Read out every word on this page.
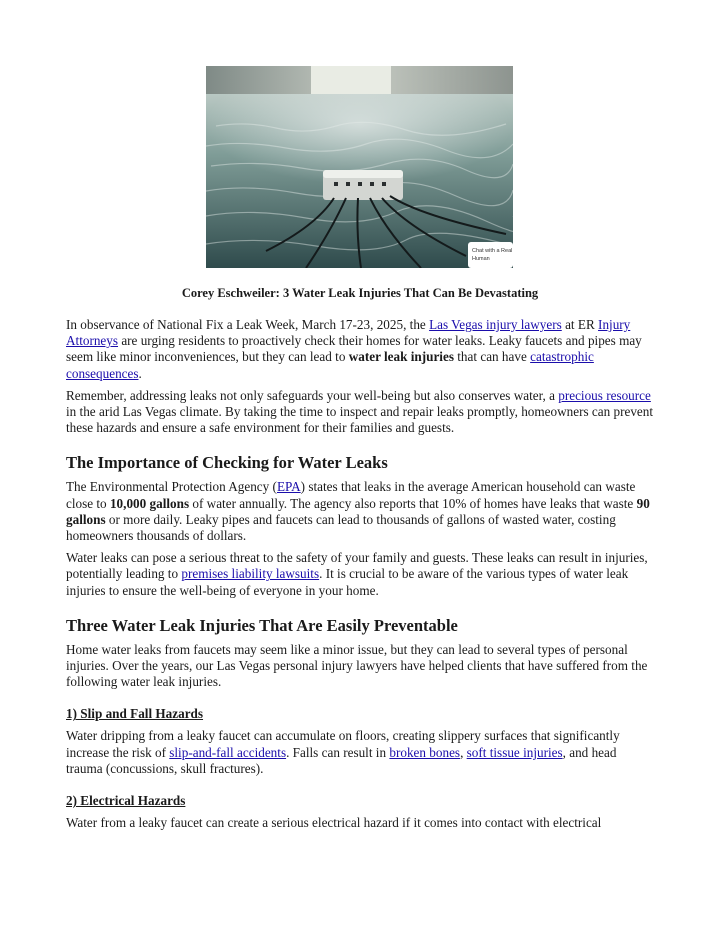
Chat with a Real
Human
Corey Eschweiler: 3 Water Leak Injuries That Can Be Devastating

In observance of National Fix a Leak Week, March 17-23, 2025, the Las Vegas injury lawyers at ER Injury Attorneys are urging residents to proactively check their homes for water leaks. Leaky faucets and pipes may seem like minor inconveniences, but they can lead to water leak injuries that can have catastrophic consequences.

Remember, addressing leaks not only safeguards your well-being but also conserves water, a precious resource in the arid Las Vegas climate. By taking the time to inspect and repair leaks promptly, homeowners can prevent these hazards and ensure a safe environment for their families and guests.

The Importance of Checking for Water Leaks

The Environmental Protection Agency (EPA) states that leaks in the average American household can waste close to 10,000 gallons of water annually. The agency also reports that 10% of homes have leaks that waste 90 gallons or more daily. Leaky pipes and faucets can lead to thousands of gallons of wasted water, costing homeowners thousands of dollars.

Water leaks can pose a serious threat to the safety of your family and guests. These leaks can result in injuries, potentially leading to premises liability lawsuits. It is crucial to be aware of the various types of water leak injuries to ensure the well-being of everyone in your home.

Three Water Leak Injuries That Are Easily Preventable

Home water leaks from faucets may seem like a minor issue, but they can lead to several types of personal injuries. Over the years, our Las Vegas personal injury lawyers have helped clients that have suffered from the following water leak injuries.

1) Slip and Fall Hazards

Water dripping from a leaky faucet can accumulate on floors, creating slippery surfaces that significantly increase the risk of slip-and-fall accidents. Falls can result in broken bones, soft tissue injuries, and head trauma (concussions, skull fractures).

2) Electrical Hazards

Water from a leaky faucet can create a serious electrical hazard if it comes into contact with electrical
